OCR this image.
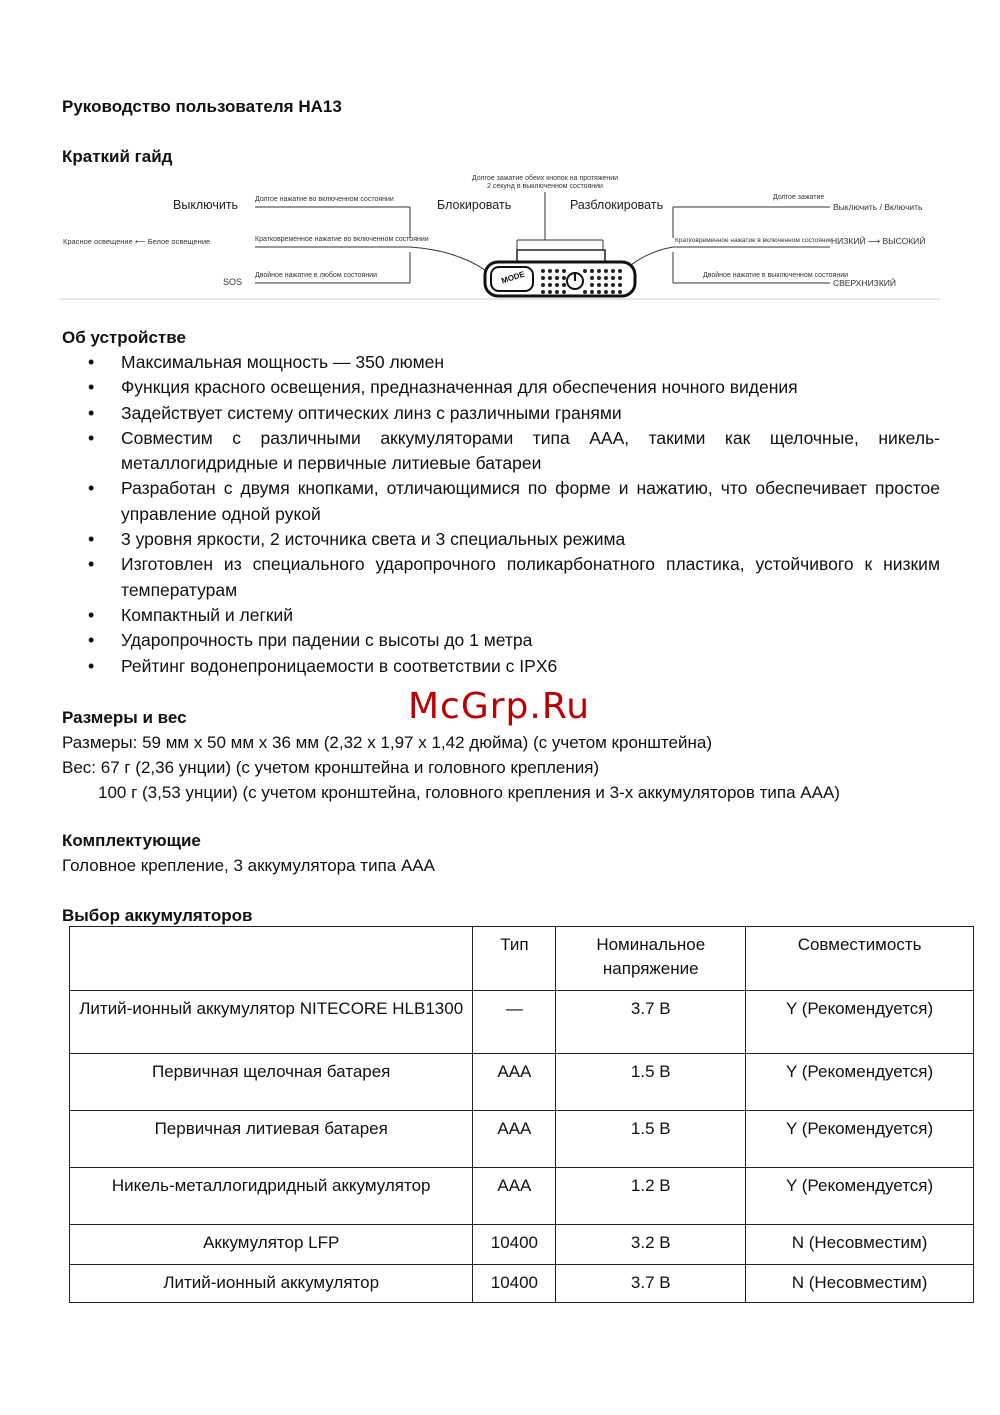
Руководство пользователя HA13
Краткий гайд
Долгое зажатие обеих кнопок на протяжении
2 секунд в выключенном состоянии
Блокировать	Разблокировать
Выключить Долгое нажатие во включенном состоянии
Красное освещение ⟵ Белое освещение	Кратковременное нажатие во включенном состоянии
SOS
Двойное нажатие в любом состоянии
Долгое зажатие
Выключить / Включить
Кратковременное нажатие в включенном состоянии
НИЗКИЙ ⟶ ВЫСОКИЙ
Двойное нажатие в выключенном состоянии
СВЕРХНИЗКИЙ
MODE
Об устройстве
• Максимальная мощность — 350 люмен
• Функция красного освещения, предназначенная для обеспечения ночного видения
• Задействует систему оптических линз с различными гранями
• Совместим с различными аккумуляторами типа AAA, такими как щелочные, никель-металлогидридные и первичные литиевые батареи
• Разработан с двумя кнопками, отличающимися по форме и нажатию, что обеспечивает простое управление одной рукой
• 3 уровня яркости, 2 источника света и 3 специальных режима
• Изготовлен из специального ударопрочного поликарбонатного пластика, устойчивого к низким температурам
• Компактный и легкий
• Ударопрочность при падении с высоты до 1 метра
• Рейтинг водонепроницаемости в соответствии с IPX6
McGrp.Ru
Размеры и вес
Размеры: 59 мм x 50 мм x 36 мм (2,32 x 1,97 x 1,42 дюйма) (с учетом кронштейна)
Вес: 67 г (2,36 унции) (с учетом кронштейна и головного крепления)
100 г (3,53 унции) (с учетом кронштейна, головного крепления и 3-х аккумуляторов типа AAA)
Комплектующие
Головное крепление, 3 аккумулятора типа AAA
Выбор аккумуляторов
	Тип	Номинальное напряжение	Совместимость
Литий-ионный аккумулятор NITECORE HLB1300	—	3.7 В	Y (Рекомендуется)
Первичная щелочная батарея	AAA	1.5 В	Y (Рекомендуется)
Первичная литиевая батарея	AAA	1.5 В	Y (Рекомендуется)
Никель-металлогидридный аккумулятор	AAA	1.2 В	Y (Рекомендуется)
Аккумулятор LFP	10400	3.2 В	N (Несовместим)
Литий-ионный аккумулятор	10400	3.7 В	N (Несовместим)
